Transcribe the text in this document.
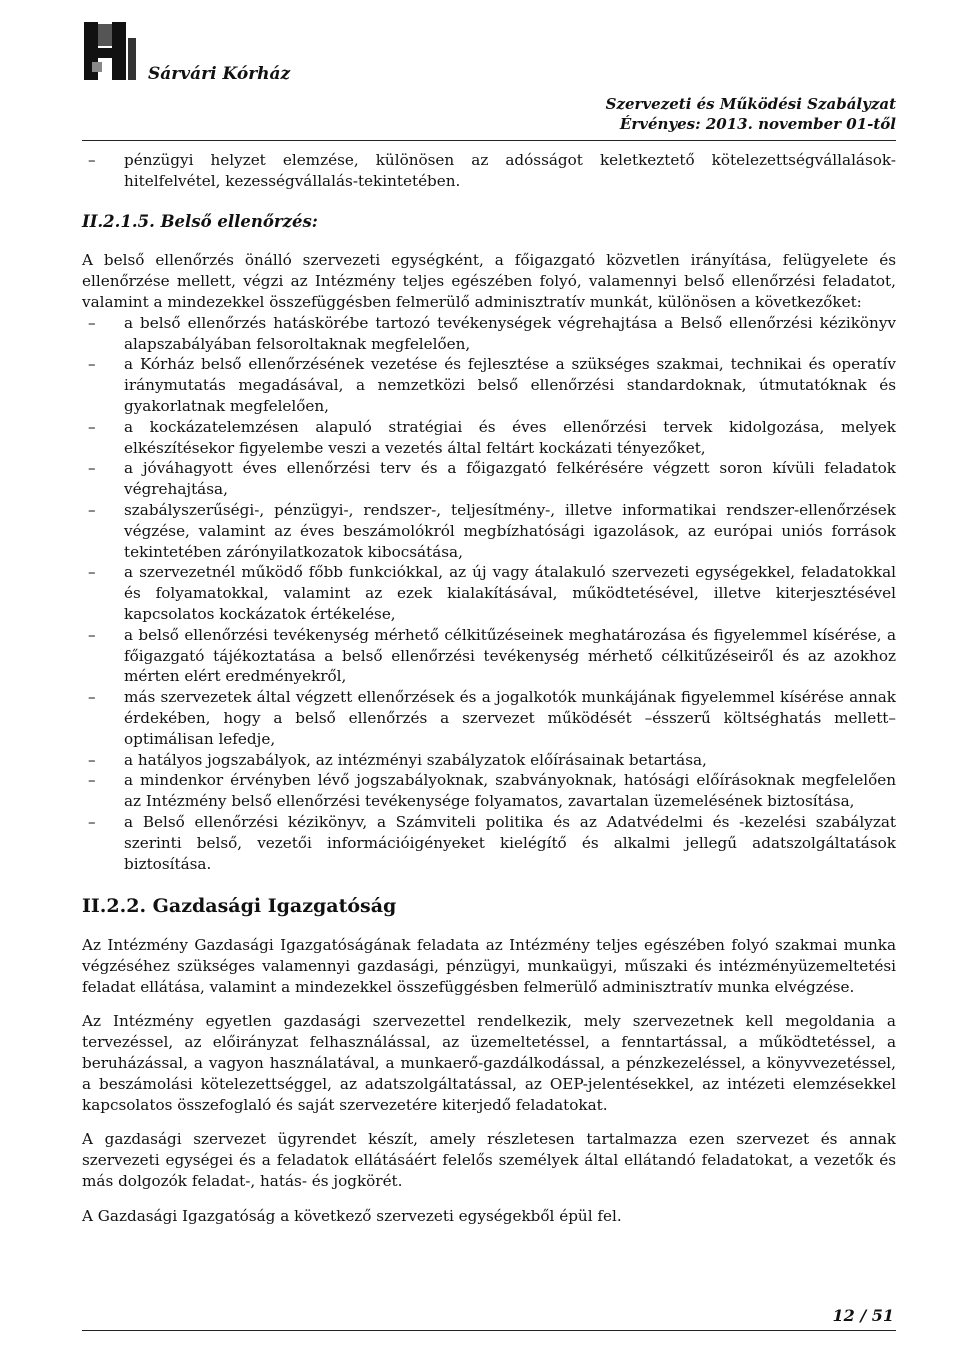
Sárvári Kórház
Szervezeti és Működési Szabályzat
Érvényes: 2013. november 01-től
– pénzügyi helyzet elemzése, különösen az adósságot keletkeztető kötelezettségvállalások-hitelfelvétel, kezességvállalás-tekintetében.
II.2.1.5. Belső ellenőrzés:

A belső ellenőrzés önálló szervezeti egységként, a főigazgató közvetlen irányítása, felügyelete és ellenőrzése mellett, végzi az Intézmény teljes egészében folyó, valamennyi belső ellenőrzési feladatot, valamint a mindezekkel összefüggésben felmerülő adminisztratív munkát, különösen a következőket:

– a belső ellenőrzés hatáskörébe tartozó tevékenységek végrehajtása a Belső ellenőrzési kézikönyv alapszabályában felsoroltaknak megfelelően,
– a Kórház belső ellenőrzésének vezetése és fejlesztése a szükséges szakmai, technikai és operatív iránymutatás megadásával, a nemzetközi belső ellenőrzési standardoknak, útmutatóknak és gyakorlatnak megfelelően,
– a kockázatelemzésen alapuló stratégiai és éves ellenőrzési tervek kidolgozása, melyek elkészítésekor figyelembe veszi a vezetés által feltárt kockázati tényezőket,
– a jóváhagyott éves ellenőrzési terv és a főigazgató felkérésére végzett soron kívüli feladatok végrehajtása,
– szabályszerűségi-, pénzügyi-, rendszer-, teljesítmény-, illetve informatikai rendszer-ellenőrzések végzése, valamint az éves beszámolókról megbízhatósági igazolások, az európai uniós források tekintetében zárónyilatkozatok kibocsátása,
– a szervezetnél működő főbb funkciókkal, az új vagy átalakuló szervezeti egységekkel, feladatokkal és folyamatokkal, valamint az ezek kialakításával, működtetésével, illetve kiterjesztésével kapcsolatos kockázatok értékelése,
– a belső ellenőrzési tevékenység mérhető célkitűzéseinek meghatározása és figyelemmel kísérése, a főigazgató tájékoztatása a belső ellenőrzési tevékenység mérhető célkitűzéseiről és az azokhoz mérten elért eredményekről,
– más szervezetek által végzett ellenőrzések és a jogalkotók munkájának figyelemmel kísérése annak érdekében, hogy a belső ellenőrzés a szervezet működését –ésszerű költséghatás mellett– optimálisan lefedje,
– a hatályos jogszabályok, az intézményi szabályzatok előírásainak betartása,
– a mindenkor érvényben lévő jogszabályoknak, szabványoknak, hatósági előírásoknak megfelelően az Intézmény belső ellenőrzési tevékenysége folyamatos, zavartalan üzemelésének biztosítása,
– a Belső ellenőrzési kézikönyv, a Számviteli politika és az Adatvédelmi és -kezelési szabályzat szerinti belső, vezetői információigényeket kielégítő és alkalmi jellegű adatszolgáltatások biztosítása.
II.2.2. Gazdasági Igazgatóság

Az Intézmény Gazdasági Igazgatóságának feladata az Intézmény teljes egészében folyó szakmai munka végzéséhez szükséges valamennyi gazdasági, pénzügyi, munkaügyi, műszaki és intézményüzemeltetési feladat ellátása, valamint a mindezekkel összefüggésben felmerülő adminisztratív munka elvégzése.

Az Intézmény egyetlen gazdasági szervezettel rendelkezik, mely szervezetnek kell megoldania a tervezéssel, az előirányzat felhasználással, az üzemeltetéssel, a fenntartással, a működtetéssel, a beruházással, a vagyon használatával, a munkaerő-gazdálkodással, a pénzkezeléssel, a könyvvezetéssel, a beszámolási kötelezettséggel, az adatszolgáltatással, az OEP-jelentésekkel, az intézeti elemzésekkel kapcsolatos összefoglaló és saját szervezetére kiterjedő feladatokat.

A gazdasági szervezet ügyrendet készít, amely részletesen tartalmazza ezen szervezet és annak szervezeti egységei és a feladatok ellátásáért felelős személyek által ellátandó feladatokat, a vezetők és más dolgozók feladat-, hatás- és jogkörét.

A Gazdasági Igazgatóság a következő szervezeti egységekből épül fel.

12 / 51
